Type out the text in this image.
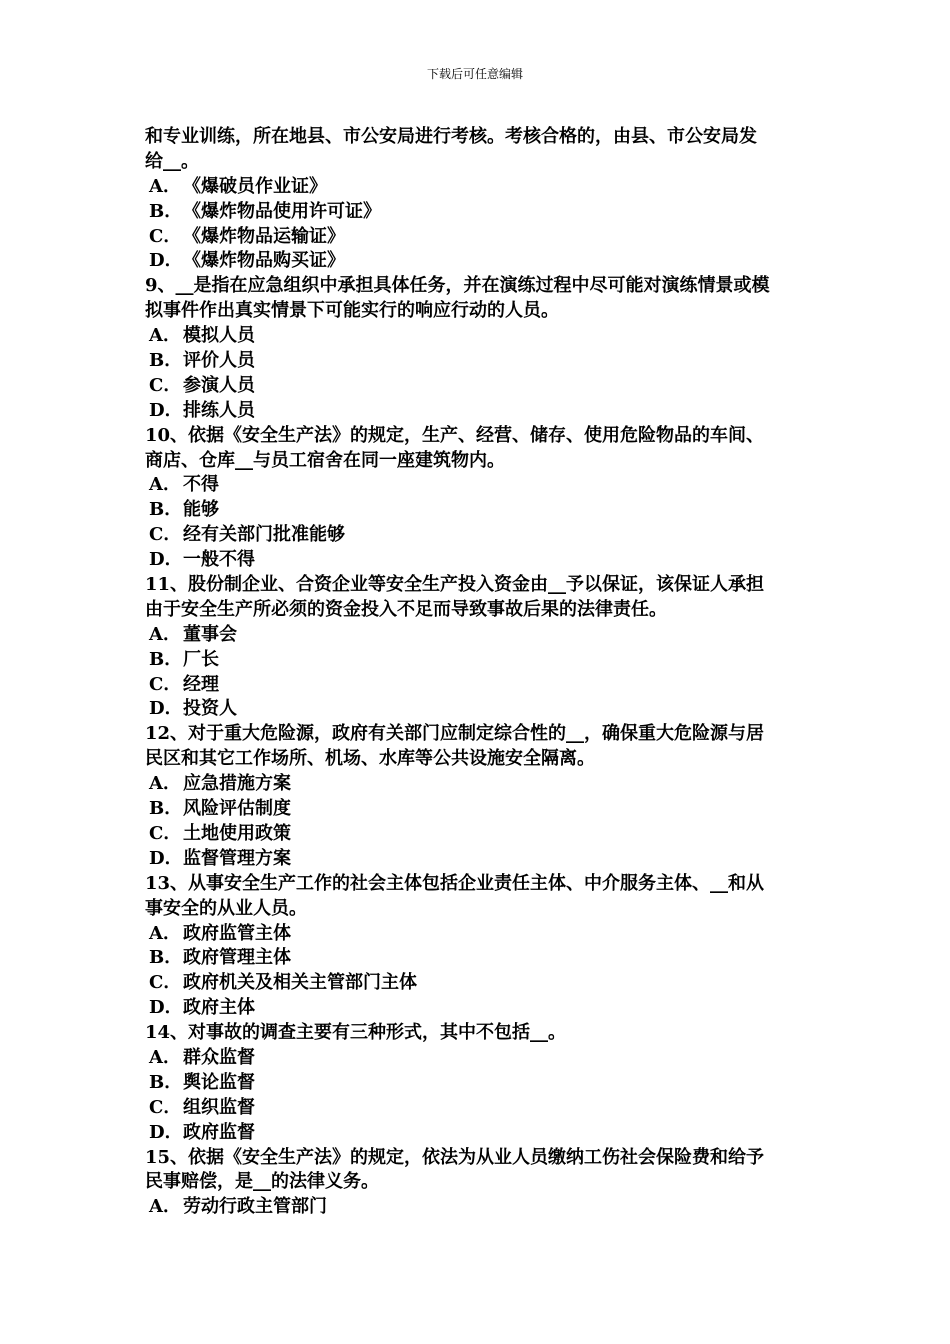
下载后可任意编辑
和专业训练，所在地县、市公安局进行考核。考核合格的，由县、市公安局发
给__。
A． 《爆破员作业证》
B．《爆炸物品使用许可证》
C．《爆炸物品运输证》
D．《爆炸物品购买证》
9、__是指在应急组织中承担具体任务，并在演练过程中尽可能对演练情景或模
拟事件作出真实情景下可能实行的响应行动的人员。
A． 模拟人员
B．评价人员
C．参演人员
D．排练人员
10、依据《安全生产法》的规定，生产、经营、储存、使用危险物品的车间、
商店、仓库__与员工宿舍在同一座建筑物内。
A． 不得
B．能够
C．经有关部门批准能够
D．一般不得
11、股份制企业、合资企业等安全生产投入资金由__予以保证，该保证人承担
由于安全生产所必须的资金投入不足而导致事故后果的法律责任。
A． 董事会
B．厂长
C．经理
D．投资人
12、对于重大危险源，政府有关部门应制定综合性的__，确保重大危险源与居
民区和其它工作场所、机场、水库等公共设施安全隔离。
A． 应急措施方案
B．风险评估制度
C．土地使用政策
D．监督管理方案
13、从事安全生产工作的社会主体包括企业责任主体、中介服务主体、__和从
事安全的从业人员。
A． 政府监管主体
B．政府管理主体
C．政府机关及相关主管部门主体
D．政府主体
14、对事故的调查主要有三种形式，其中不包括__。
A． 群众监督
B．舆论监督
C．组织监督
D．政府监督
15、依据《安全生产法》的规定，依法为从业人员缴纳工伤社会保险费和给予
民事赔偿，是__的法律义务。
A． 劳动行政主管部门
